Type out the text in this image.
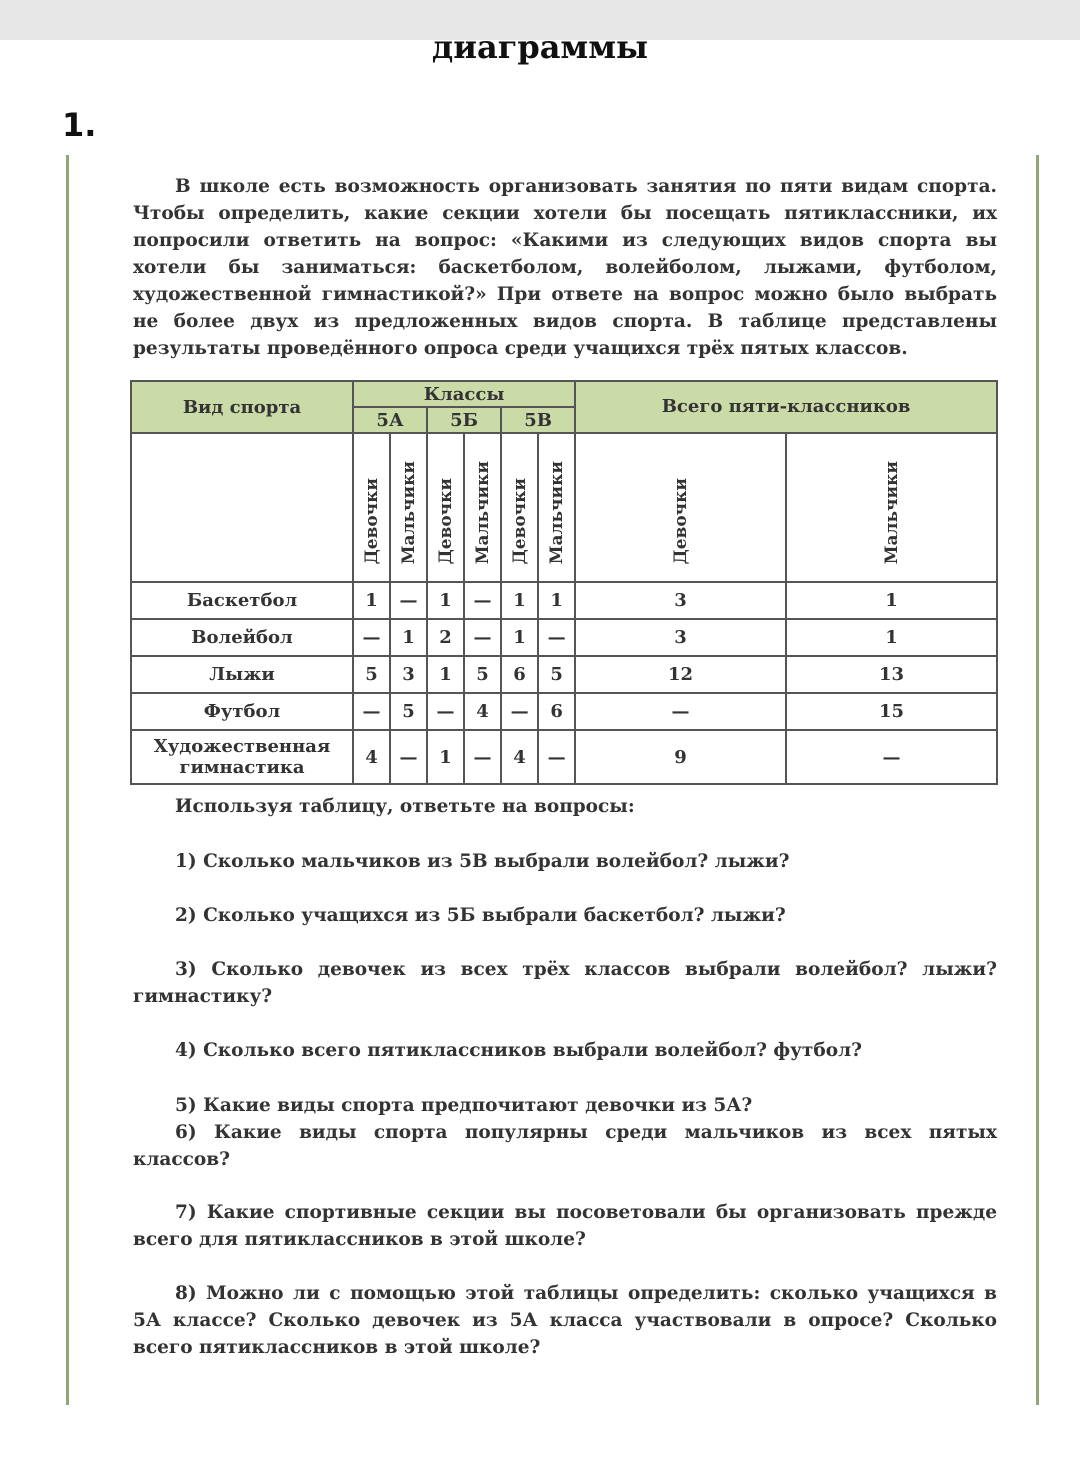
диаграммы
1.
В школе есть возможность организовать занятия по пяти видам спорта. Чтобы определить, какие секции хотели бы посещать пятиклассники, их попросили ответить на вопрос: «Какими из следующих видов спорта вы хотели бы заниматься: баскетболом, волейболом, лыжами, футболом, художественной гимнастикой?» При ответе на вопрос можно было выбрать не более двух из предложенных видов спорта. В таблице представлены результаты проведённого опроса среди учащихся трёх пятых классов.
Вид спорта	Классы						Всего пяти-классников	
	5А		5Б		5В			
	Девочки	Мальчики	Девочки	Мальчики	Девочки	Мальчики	Девочки	Мальчики
Баскетбол	1	—	1	—	1	1	3	1
Волейбол	—	1	2	—	1	—	3	1
Лыжи	5	3	1	5	6	5	12	13
Футбол	—	5	—	4	—	6	—	15
Художественная гимнастика	4	—	1	—	4	—	9	—
Используя таблицу, ответьте на вопросы:
1) Сколько мальчиков из 5В выбрали волейбол? лыжи?
2) Сколько учащихся из 5Б выбрали баскетбол? лыжи?
3) Сколько девочек из всех трёх классов выбрали волейбол? лыжи? гимнастику?
4) Сколько всего пятиклассников выбрали волейбол? футбол?
5) Какие виды спорта предпочитают девочки из 5А?
6) Какие виды спорта популярны среди мальчиков из всех пятых классов?
7) Какие спортивные секции вы посоветовали бы организовать прежде всего для пятиклассников в этой школе?
8) Можно ли с помощью этой таблицы определить: сколько учащихся в 5А классе? Сколько девочек из 5А класса участвовали в опросе? Сколько всего пятиклассников в этой школе?
